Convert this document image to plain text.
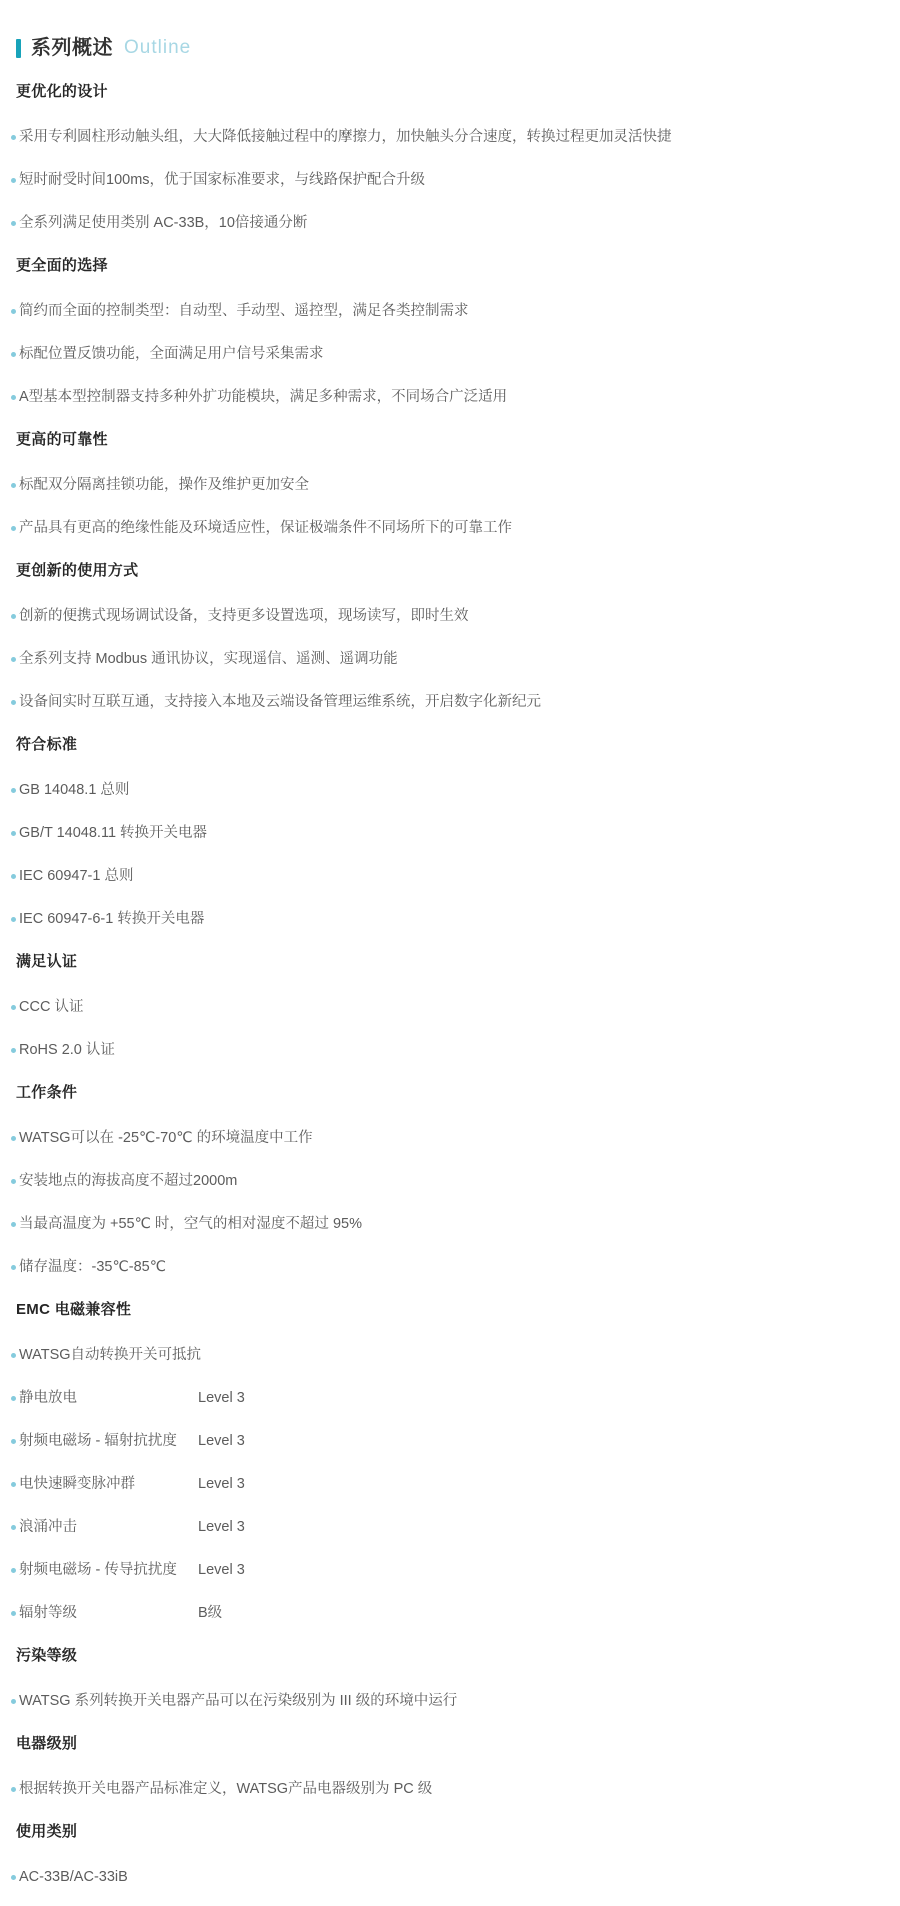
系列概述 Outline
更优化的设计
采用专利圆柱形动触头组，大大降低接触过程中的摩擦力，加快触头分合速度，转换过程更加灵活快捷
短时耐受时间100ms，优于国家标准要求，与线路保护配合升级
全系列满足使用类别 AC-33B，10倍接通分断
更全面的选择
简约而全面的控制类型：自动型、手动型、遥控型，满足各类控制需求
标配位置反馈功能，全面满足用户信号采集需求
A型基本型控制器支持多种外扩功能模块，满足多种需求，不同场合广泛适用
更高的可靠性
标配双分隔离挂锁功能，操作及维护更加安全
产品具有更高的绝缘性能及环境适应性，保证极端条件不同场所下的可靠工作
更创新的使用方式
创新的便携式现场调试设备，支持更多设置选项，现场读写，即时生效
全系列支持 Modbus 通讯协议，实现遥信、遥测、遥调功能
设备间实时互联互通，支持接入本地及云端设备管理运维系统，开启数字化新纪元
符合标准
GB 14048.1 总则
GB/T 14048.11 转换开关电器
IEC 60947-1 总则
IEC 60947-6-1 转换开关电器
满足认证
CCC 认证
RoHS 2.0 认证
工作条件
WATSG可以在 -25℃-70℃ 的环境温度中工作
安装地点的海拔高度不超过2000m
当最高温度为 +55℃ 时，空气的相对湿度不超过 95%
储存温度：-35℃-85℃
EMC 电磁兼容性
WATSG自动转换开关可抵抗
静电放电	Level 3
射频电磁场 - 辐射抗扰度 Level 3
电快速瞬变脉冲群	Level 3
浪涌冲击	Level 3
射频电磁场 - 传导抗扰度 Level 3
辐射等级	B级
污染等级
WATSG 系列转换开关电器产品可以在污染级别为 III 级的环境中运行
电器级别
根据转换开关电器产品标准定义，WATSG产品电器级别为 PC 级
使用类别
AC-33B/AC-33iB
